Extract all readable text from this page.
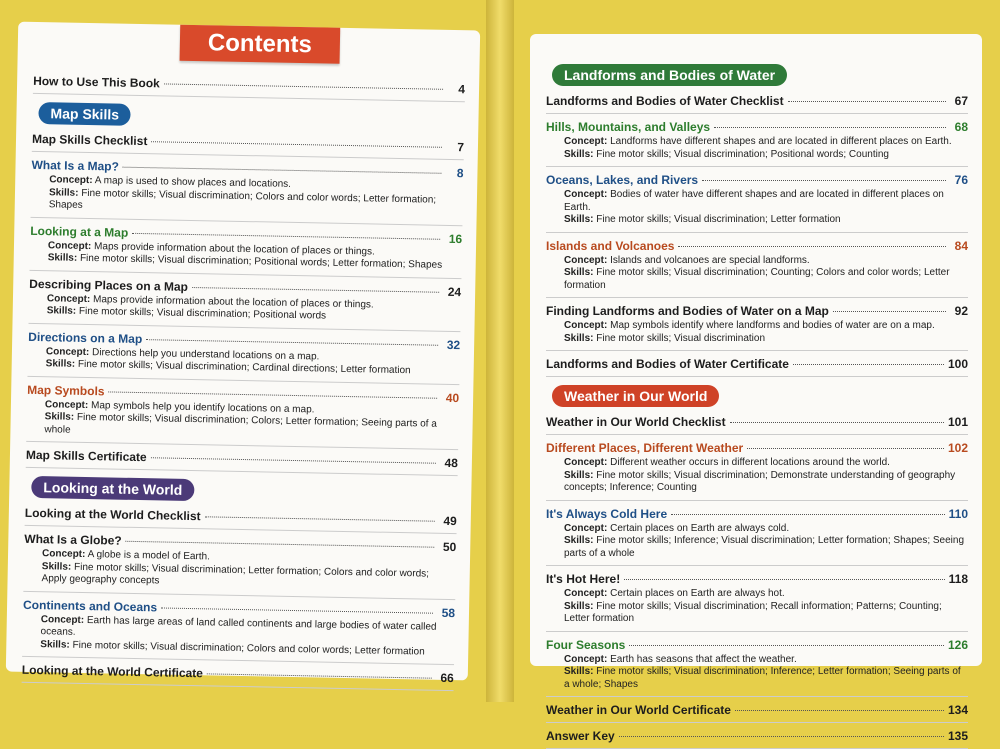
Contents
How to Use This Book	4
Map Skills
Map Skills Checklist	7
What Is a Map?	8
Concept: A map is used to show places and locations.
Skills: Fine motor skills; Visual discrimination; Colors and color words; Letter formation; Shapes
Looking at a Map	16
Concept: Maps provide information about the location of places or things.
Skills: Fine motor skills; Visual discrimination; Positional words; Letter formation; Shapes
Describing Places on a Map	24
Concept: Maps provide information about the location of places or things.
Skills: Fine motor skills; Visual discrimination; Positional words
Directions on a Map	32
Concept: Directions help you understand locations on a map.
Skills: Fine motor skills; Visual discrimination; Cardinal directions; Letter formation
Map Symbols	40
Concept: Map symbols help you identify locations on a map.
Skills: Fine motor skills; Visual discrimination; Colors; Letter formation; Seeing parts of a whole
Map Skills Certificate	48
Looking at the World
Looking at the World Checklist	49
What Is a Globe?	50
Concept: A globe is a model of Earth.
Skills: Fine motor skills; Visual discrimination; Letter formation; Colors and color words; Apply geography concepts
Continents and Oceans	58
Concept: Earth has large areas of land called continents and large bodies of water called oceans.
Skills: Fine motor skills; Visual discrimination; Colors and color words; Letter formation
Looking at the World Certificate	66
Landforms and Bodies of Water
Landforms and Bodies of Water Checklist	67
Hills, Mountains, and Valleys	68
Concept: Landforms have different shapes and are located in different places on Earth.
Skills: Fine motor skills; Visual discrimination; Positional words; Counting
Oceans, Lakes, and Rivers	76
Concept: Bodies of water have different shapes and are located in different places on Earth.
Skills: Fine motor skills; Visual discrimination; Letter formation
Islands and Volcanoes	84
Concept: Islands and volcanoes are special landforms.
Skills: Fine motor skills; Visual discrimination; Counting; Colors and color words; Letter formation
Finding Landforms and Bodies of Water on a Map	92
Concept: Map symbols identify where landforms and bodies of water are on a map.
Skills: Fine motor skills; Visual discrimination
Landforms and Bodies of Water Certificate	100
Weather in Our World
Weather in Our World Checklist	101
Different Places, Different Weather	102
Concept: Different weather occurs in different locations around the world.
Skills: Fine motor skills; Visual discrimination; Demonstrate understanding of geography concepts; Inference; Counting
It's Always Cold Here	110
Concept: Certain places on Earth are always cold.
Skills: Fine motor skills; Inference; Visual discrimination; Letter formation; Shapes; Seeing parts of a whole
It's Hot Here!	118
Concept: Certain places on Earth are always hot.
Skills: Fine motor skills; Visual discrimination; Recall information; Patterns; Counting; Letter formation
Four Seasons	126
Concept: Earth has seasons that affect the weather.
Skills: Fine motor skills; Visual discrimination; Inference; Letter formation; Seeing parts of a whole; Shapes
Weather in Our World Certificate	134
Answer Key	135
